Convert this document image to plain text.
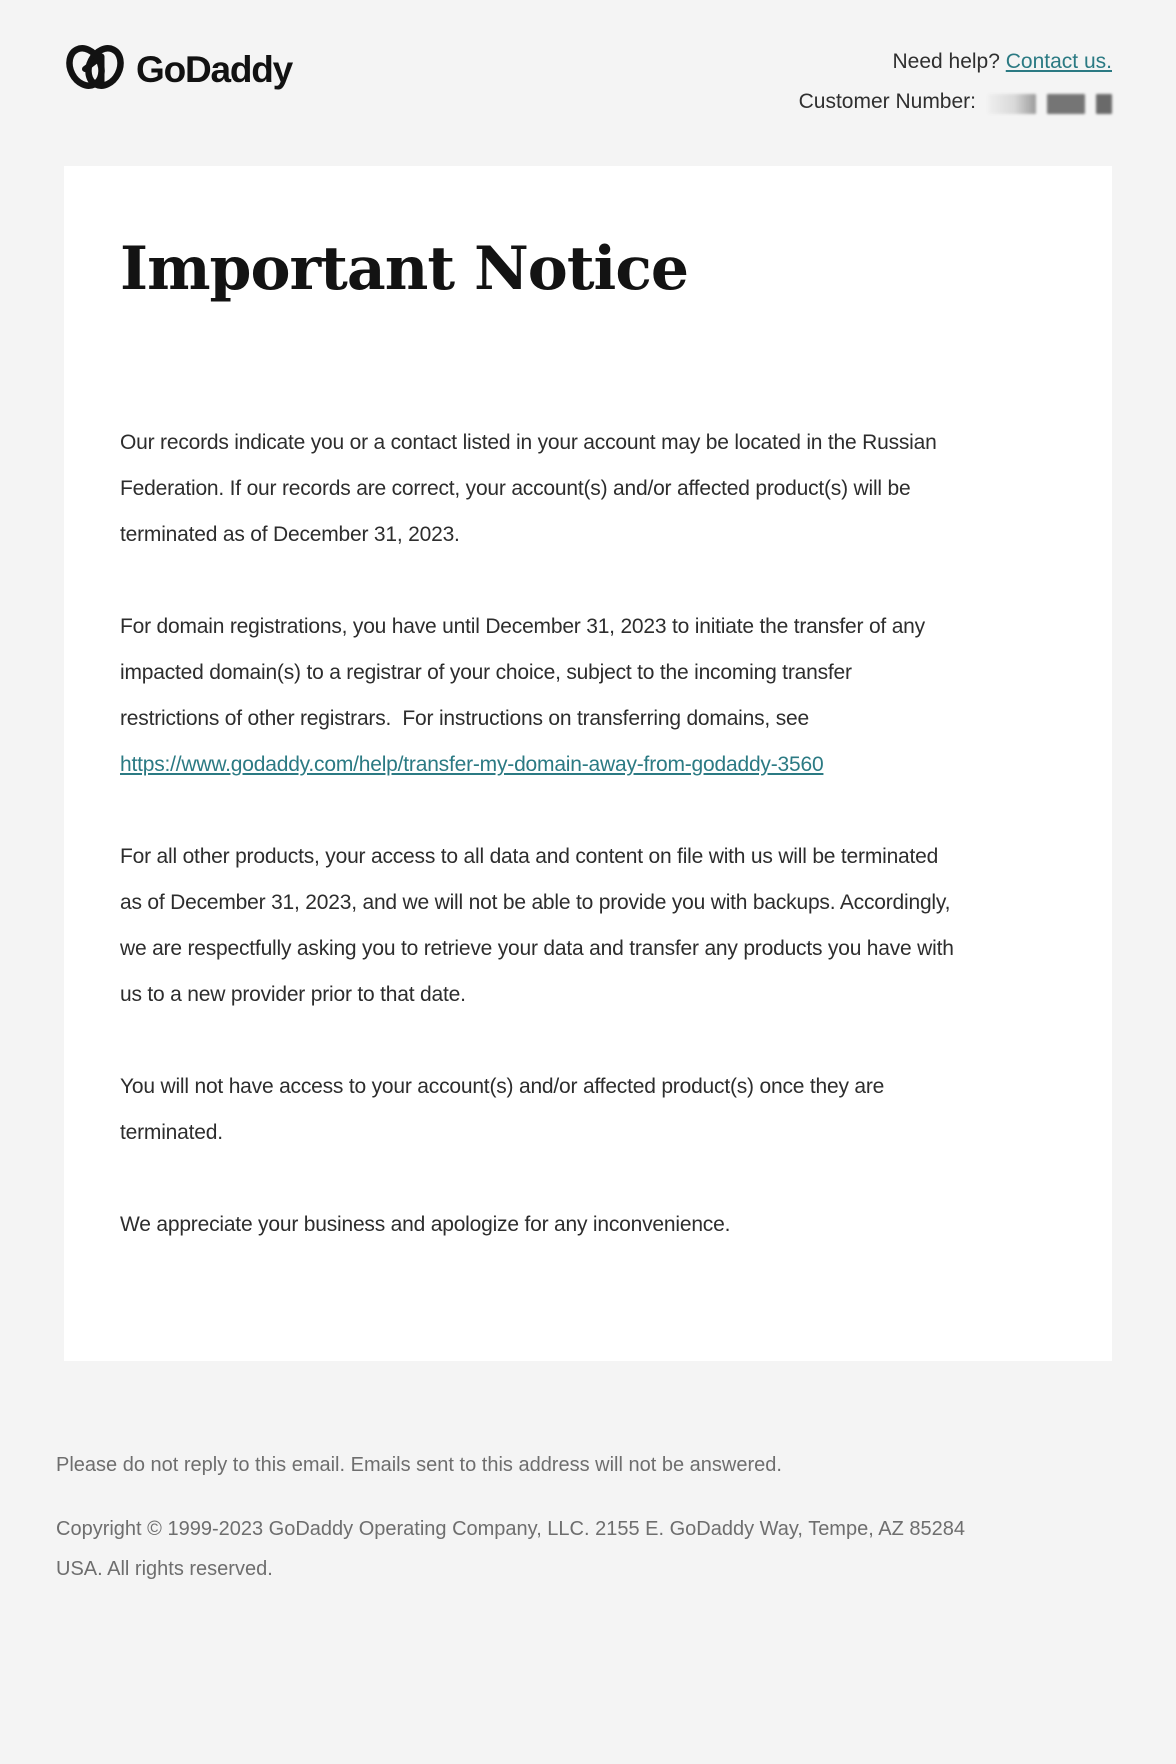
GoDaddy	Need help? Contact us.
Customer Number:
Important Notice

Our records indicate you or a contact listed in your account may be located in the Russian Federation. If our records are correct, your account(s) and/or affected product(s) will be terminated as of December 31, 2023.

For domain registrations, you have until December 31, 2023 to initiate the transfer of any impacted domain(s) to a registrar of your choice, subject to the incoming transfer restrictions of other registrars.  For instructions on transferring domains, see https://www.godaddy.com/help/transfer-my-domain-away-from-godaddy-3560

For all other products, your access to all data and content on file with us will be terminated as of December 31, 2023, and we will not be able to provide you with backups. Accordingly, we are respectfully asking you to retrieve your data and transfer any products you have with us to a new provider prior to that date.

You will not have access to your account(s) and/or affected product(s) once they are terminated.

We appreciate your business and apologize for any inconvenience.

Please do not reply to this email. Emails sent to this address will not be answered.

Copyright © 1999-2023 GoDaddy Operating Company, LLC. 2155 E. GoDaddy Way, Tempe, AZ 85284
USA. All rights reserved.
